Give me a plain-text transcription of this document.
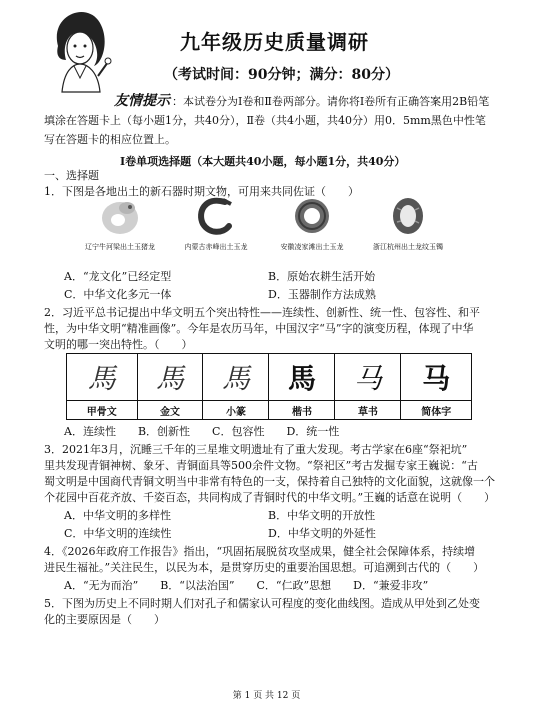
九年级历史质量调研
（考试时间：90分钟；满分：80分）
友情提示 ：本试卷分为Ⅰ卷和Ⅱ卷两部分。请你将Ⅰ卷所有正确答案用2B铅笔
填涂在答题卡上（每小题1分，共40分），Ⅱ卷（共4小题，共40分）用0．5mm黑色中性笔
写在答题卡的相应位置上。
Ⅰ卷单项选择题（本大题共40小题，每小题1分，共40分）
一、选择题
1．下图是各地出土的新石器时期文物，可用来共同佐证（　　）
辽宁牛河梁出土玉猪龙	内蒙古赤峰出土玉龙	安徽凌家滩出土玉龙	浙江杭州出土龙纹玉镯
A．“龙文化”已经定型	B．原始农耕生活开始
C．中华文化多元一体	D．玉器制作方法成熟
2．习近平总书记提出中华文明五个突出特性——连续性、创新性、统一性、包容性、和平
性，为中华文明“精准画像”。今年是农历马年，中国汉字“马”字的演变历程，体现了中华
文明的哪一突出特性。（　　）
馬	馬	馬	馬	马	马
甲骨文	金文	小篆	楷书	草书	简体字
A．连续性　　B．创新性　　C．包容性　　D．统一性
3．2021年3月，沉睡三千年的三星堆文明遗址有了重大发现。考古学家在6座“祭祀坑”
里共发现青铜神树、象牙、青铜面具等500余件文物。“祭祀区”考古发掘专家王巍说：“古
蜀文明是中国商代青铜文明当中非常有特色的一支，保持着自己独特的文化面貌，这就像一个
个花园中百花齐放、千姿百态，共同构成了青铜时代的中华文明。”王巍的话意在说明（　　）
A．中华文明的多样性	B．中华文明的开放性
C．中华文明的连续性	D．中华文明的外延性
4．《2026年政府工作报告》指出，“巩固拓展脱贫攻坚成果，健全社会保障体系，持续增
进民生福祉。”关注民生，以民为本，是贯穿历史的重要治国思想。可追溯到古代的（　　）
A．“无为而治”　　B．“以法治国”　　C．“仁政”思想　　D．“兼爱非攻”
5．下图为历史上不同时期人们对孔子和儒家认可程度的变化曲线图。造成从甲处到乙处变
化的主要原因是（　　）
第 1 页 共 12 页
